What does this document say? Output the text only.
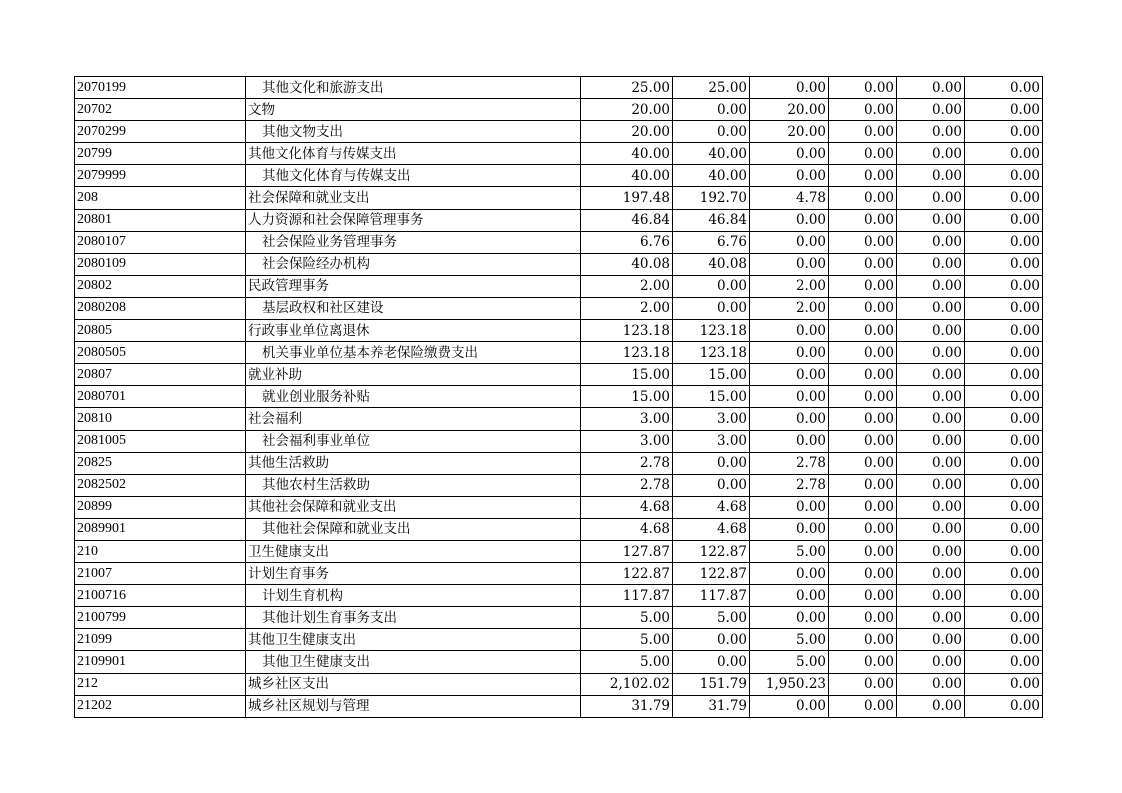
2070199	其他文化和旅游支出	25.00	25.00	0.00	0.00	0.00	0.00
20702	文物	20.00	0.00	20.00	0.00	0.00	0.00
2070299	其他文物支出	20.00	0.00	20.00	0.00	0.00	0.00
20799	其他文化体育与传媒支出	40.00	40.00	0.00	0.00	0.00	0.00
2079999	其他文化体育与传媒支出	40.00	40.00	0.00	0.00	0.00	0.00
208	社会保障和就业支出	197.48	192.70	4.78	0.00	0.00	0.00
20801	人力资源和社会保障管理事务	46.84	46.84	0.00	0.00	0.00	0.00
2080107	社会保险业务管理事务	6.76	6.76	0.00	0.00	0.00	0.00
2080109	社会保险经办机构	40.08	40.08	0.00	0.00	0.00	0.00
20802	民政管理事务	2.00	0.00	2.00	0.00	0.00	0.00
2080208	基层政权和社区建设	2.00	0.00	2.00	0.00	0.00	0.00
20805	行政事业单位离退休	123.18	123.18	0.00	0.00	0.00	0.00
2080505	机关事业单位基本养老保险缴费支出	123.18	123.18	0.00	0.00	0.00	0.00
20807	就业补助	15.00	15.00	0.00	0.00	0.00	0.00
2080701	就业创业服务补贴	15.00	15.00	0.00	0.00	0.00	0.00
20810	社会福利	3.00	3.00	0.00	0.00	0.00	0.00
2081005	社会福利事业单位	3.00	3.00	0.00	0.00	0.00	0.00
20825	其他生活救助	2.78	0.00	2.78	0.00	0.00	0.00
2082502	其他农村生活救助	2.78	0.00	2.78	0.00	0.00	0.00
20899	其他社会保障和就业支出	4.68	4.68	0.00	0.00	0.00	0.00
2089901	其他社会保障和就业支出	4.68	4.68	0.00	0.00	0.00	0.00
210	卫生健康支出	127.87	122.87	5.00	0.00	0.00	0.00
21007	计划生育事务	122.87	122.87	0.00	0.00	0.00	0.00
2100716	计划生育机构	117.87	117.87	0.00	0.00	0.00	0.00
2100799	其他计划生育事务支出	5.00	5.00	0.00	0.00	0.00	0.00
21099	其他卫生健康支出	5.00	0.00	5.00	0.00	0.00	0.00
2109901	其他卫生健康支出	5.00	0.00	5.00	0.00	0.00	0.00
212	城乡社区支出	2,102.02	151.79	1,950.23	0.00	0.00	0.00
21202	城乡社区规划与管理	31.79	31.79	0.00	0.00	0.00	0.00
